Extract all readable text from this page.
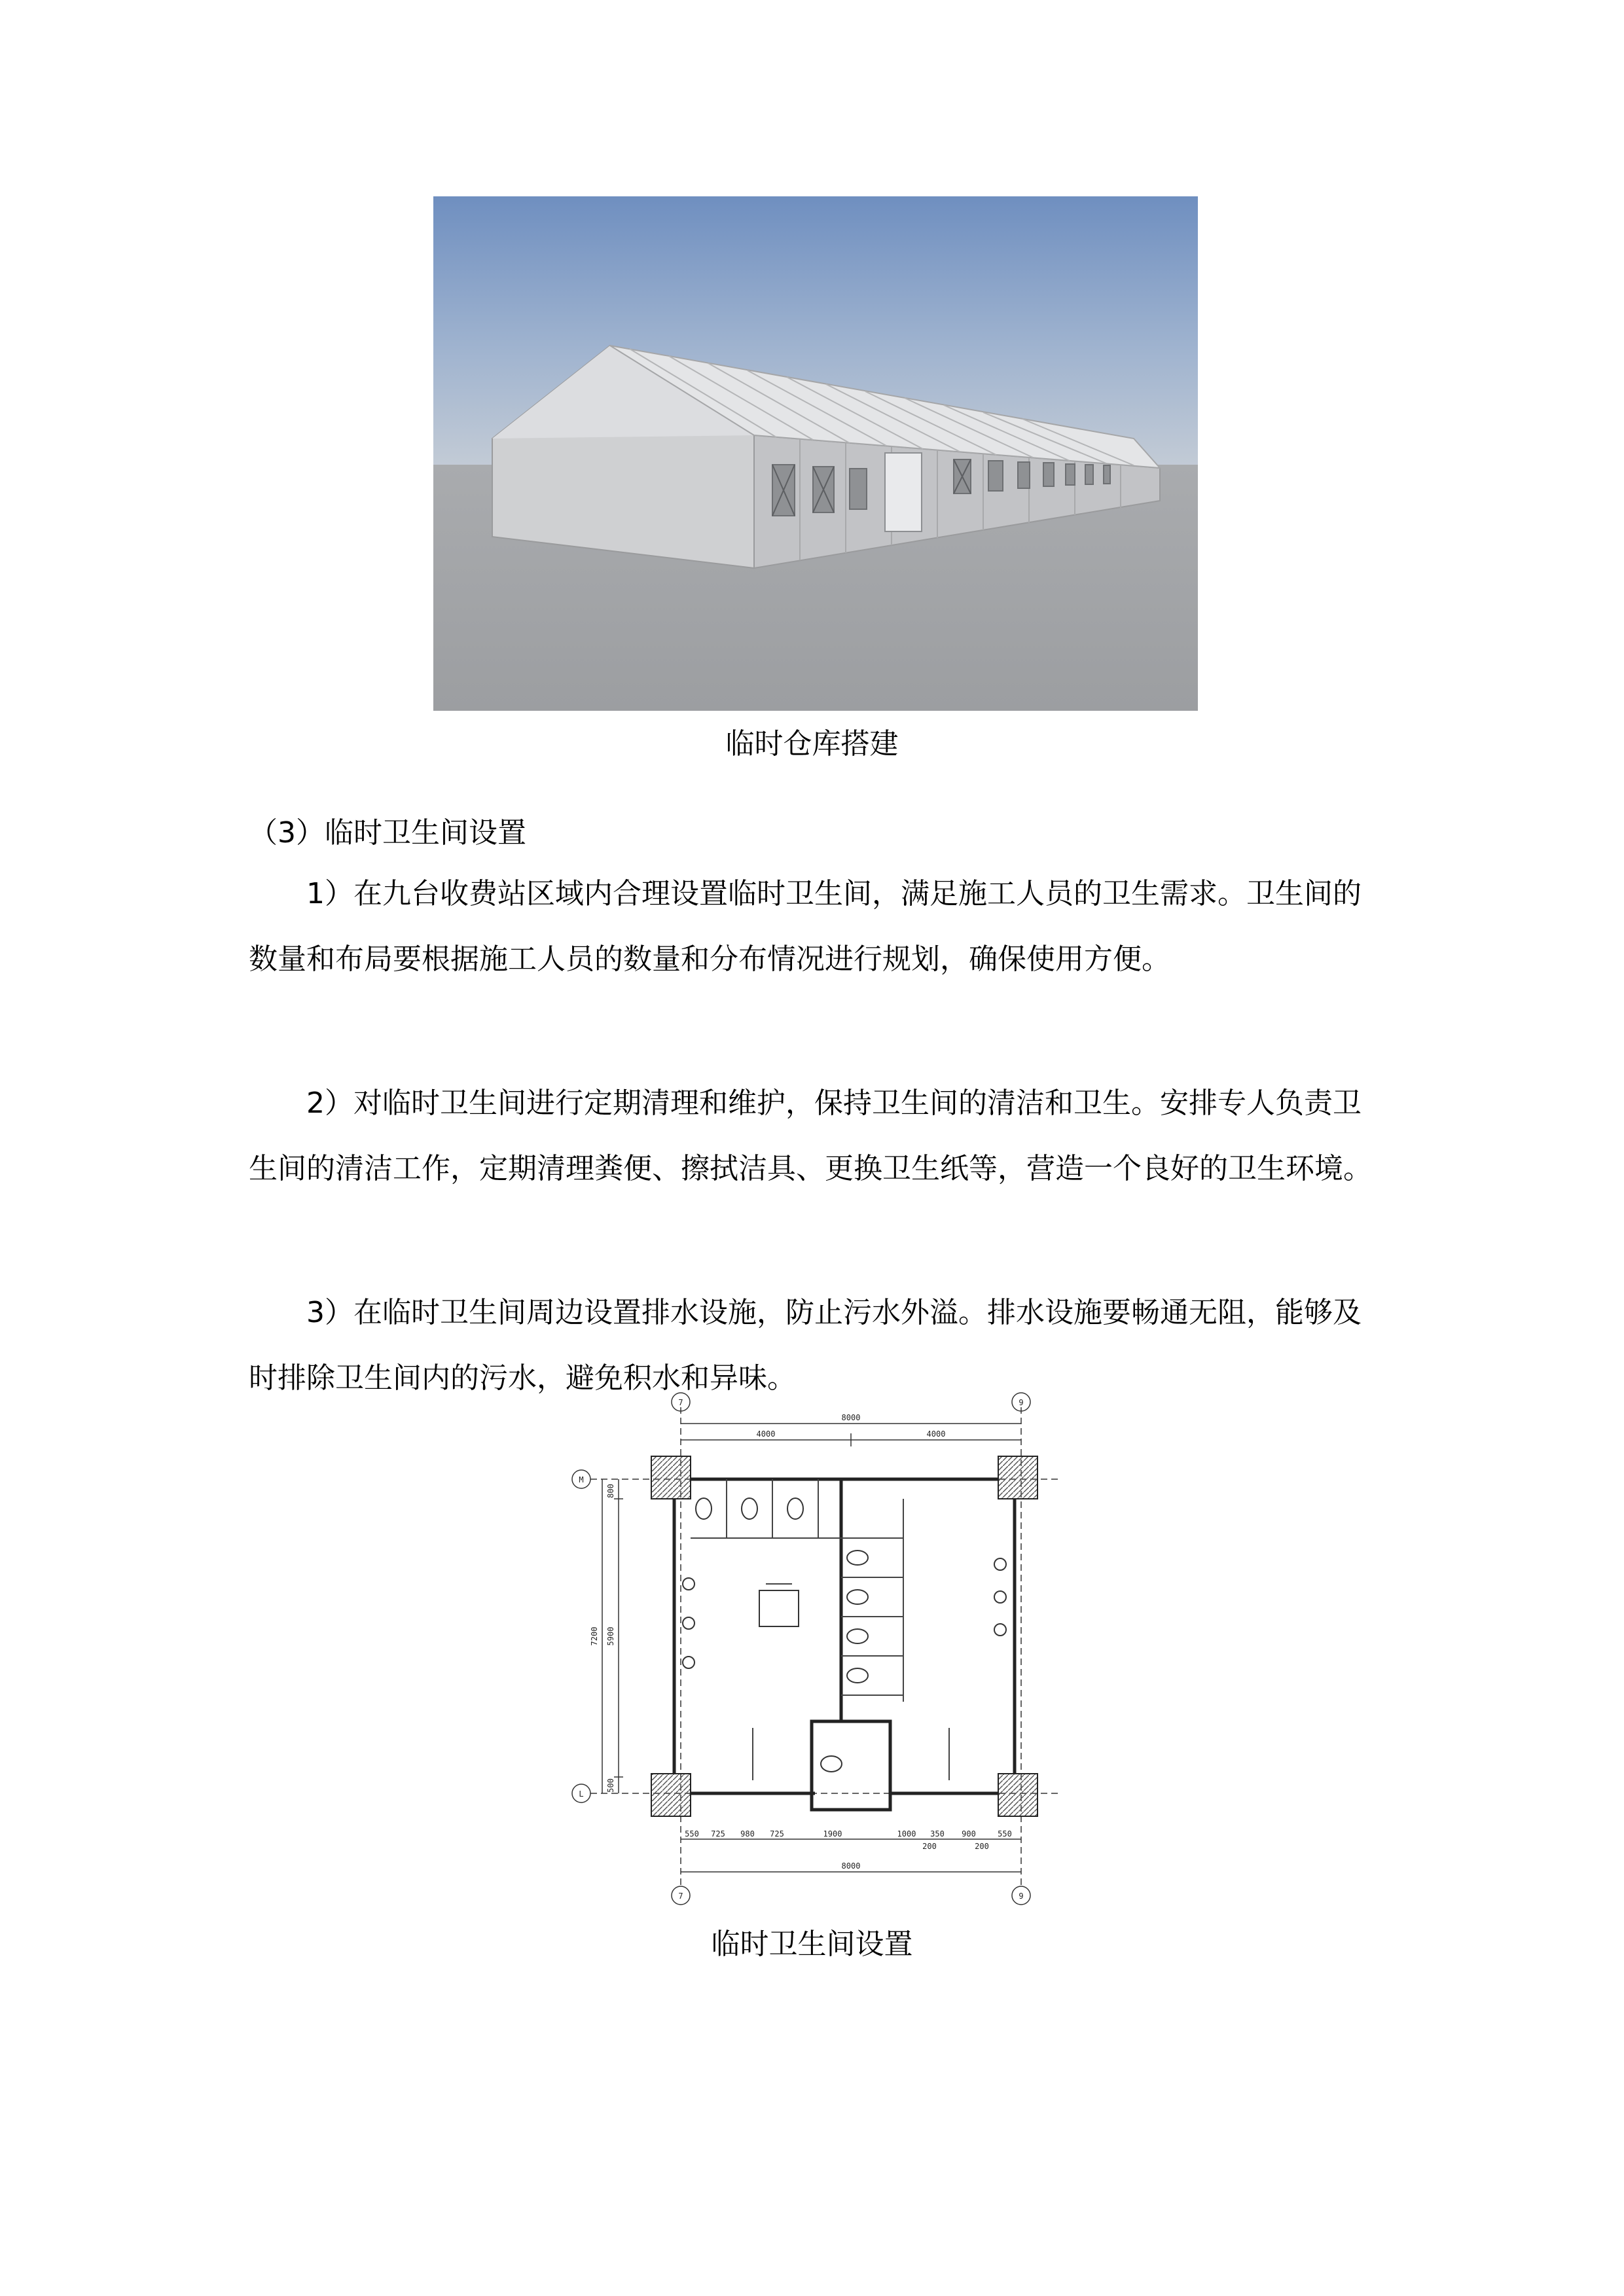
临时仓库搭建
（3）临时卫生间设置

1）在九台收费站区域内合理设置临时卫生间，满足施工人员的卫生需求。卫生间的数量和布局要根据施工人员的数量和分布情况进行规划，确保使用方便。

2）对临时卫生间进行定期清理和维护，保持卫生间的清洁和卫生。安排专人负责卫生间的清洁工作，定期清理粪便、擦拭洁具、更换卫生纸等，营造一个良好的卫生环境。

3）在临时卫生间周边设置排水设施，防止污水外溢。排水设施要畅通无阻，能够及时排除卫生间内的污水，避免积水和异味。

7	9
7	9
M
L
8000
4000	4000
7200 5900
800
500
550 725 980 725	1900	1000 350 900	550
200	200
8000
临时卫生间设置
